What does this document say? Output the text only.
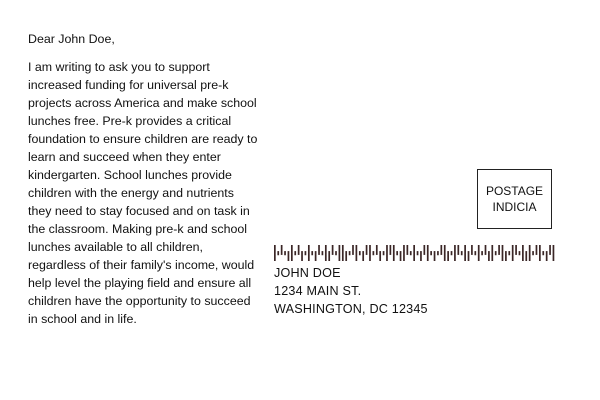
Dear John Doe,

I am writing to ask you to support increased funding for universal pre-k projects across America and make school lunches free. Pre-k provides a critical foundation to ensure children are ready to learn and succeed when they enter kindergarten. School lunches provide children with the energy and nutrients they need to stay focused and on task in the classroom. Making pre-k and school lunches available to all children, regardless of their family's income, would help level the playing field and ensure all children have the opportunity to succeed in school and in life.

POSTAGE
INDICIA
JOHN DOE
1234 MAIN ST.
WASHINGTON, DC 12345
